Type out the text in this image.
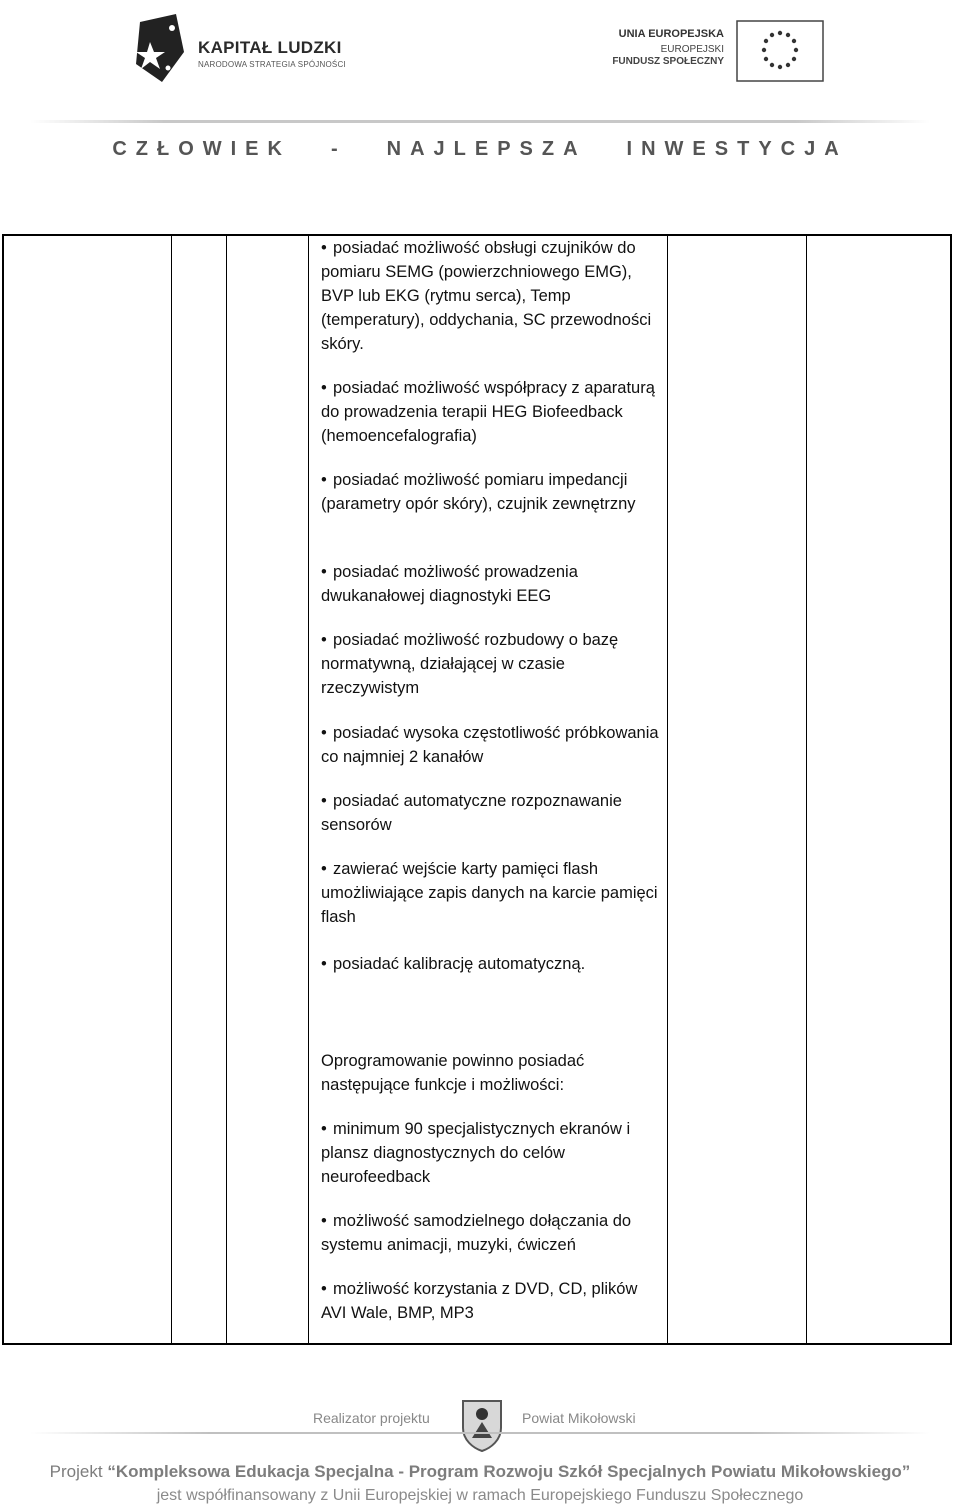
KAPITAŁ LUDZKI
NARODOWA STRATEGIA SPÓJNOŚCI
UNIA EUROPEJSKA
EUROPEJSKI
FUNDUSZ SPOŁECZNY
CZŁOWIEK - NAJLEPSZA INWESTYCJA
• posiadać możliwość obsługi czujników do pomiaru SEMG (powierzchniowego EMG), BVP lub EKG (rytmu serca), Temp (temperatury), oddychania, SC przewodności skóry.
• posiadać możliwość współpracy z aparaturą do prowadzenia terapii HEG Biofeedback (hemoencefalografia)
• posiadać możliwość pomiaru impedancji (parametry opór skóry), czujnik zewnętrzny
• posiadać możliwość prowadzenia dwukanałowej diagnostyki EEG
• posiadać możliwość rozbudowy o bazę normatywną, działającej w czasie rzeczywistym
• posiadać wysoka częstotliwość próbkowania co najmniej 2 kanałów
• posiadać automatyczne rozpoznawanie sensorów
• zawierać wejście karty pamięci flash umożliwiające zapis danych na karcie pamięci flash
• posiadać kalibrację automatyczną.
Oprogramowanie powinno posiadać następujące funkcje i możliwości:
• minimum 90 specjalistycznych ekranów i plansz diagnostycznych do celów neurofeedback
• możliwość samodzielnego dołączania do systemu animacji, muzyki, ćwiczeń
• możliwość korzystania z DVD, CD, plików AVI Wale, BMP, MP3
Realizator projektu	Powiat Mikołowski
Projekt “Kompleksowa Edukacja Specjalna - Program Rozwoju Szkół Specjalnych Powiatu Mikołowskiego”
jest współfinansowany z Unii Europejskiej w ramach Europejskiego Funduszu Społecznego
